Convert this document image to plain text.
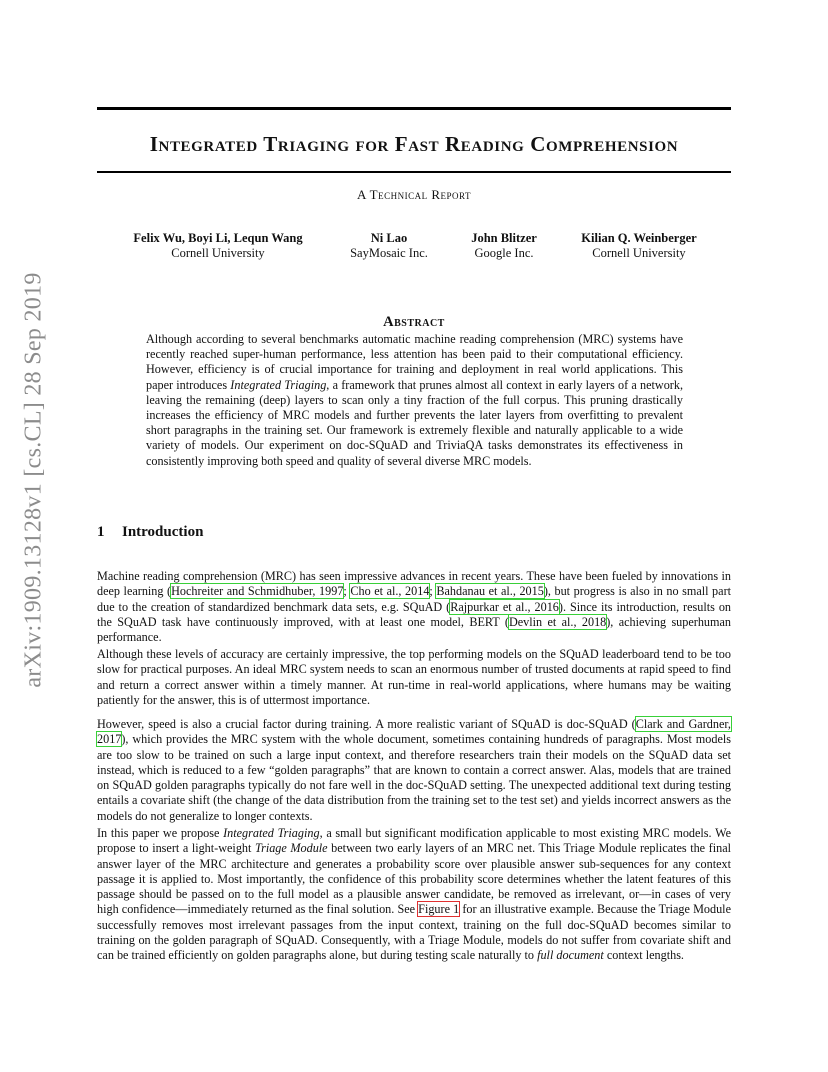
Integrated Triaging for Fast Reading Comprehension
A Technical Report
Felix Wu, Boyi Li, Lequn Wang
Cornell University
Ni Lao
SayMosaic Inc.
John Blitzer
Google Inc.
Kilian Q. Weinberger
Cornell University
arXiv:1909.13128v1 [cs.CL] 28 Sep 2019	Abstract

Although according to several benchmarks automatic machine reading comprehension (MRC) systems have recently reached super-human performance, less attention has been paid to their computational efficiency. However, efficiency is of crucial importance for training and deployment in real world applications. This paper introduces Integrated Triaging, a framework that prunes almost all context in early layers of a network, leaving the remaining (deep) layers to scan only a tiny fraction of the full corpus. This pruning drastically increases the efficiency of MRC models and further prevents the later layers from overfitting to prevalent short paragraphs in the training set. Our framework is extremely flexible and naturally applicable to a wide variety of models. Our experiment on doc-SQuAD and TriviaQA tasks demonstrates its effectiveness in consistently improving both speed and quality of several diverse MRC models.

1 Introduction

Machine reading comprehension (MRC) has seen impressive advances in recent years. These have been fueled by innovations in deep learning (Hochreiter and Schmidhuber, 1997; Cho et al., 2014; Bahdanau et al., 2015), but progress is also in no small part due to the creation of standardized benchmark data sets, e.g. SQuAD (Rajpurkar et al., 2016). Since its introduction, results on the SQuAD task have continuously improved, with at least one model, BERT (Devlin et al., 2018), achieving superhuman performance.

Although these levels of accuracy are certainly impressive, the top performing models on the SQuAD leaderboard tend to be too slow for practical purposes. An ideal MRC system needs to scan an enormous number of trusted documents at rapid speed to find and return a correct answer within a timely manner. At run-time in real-world applications, where humans may be waiting patiently for the answer, this is of uttermost importance.

However, speed is also a crucial factor during training. A more realistic variant of SQuAD is doc-SQuAD (Clark and Gardner, 2017), which provides the MRC system with the whole document, sometimes containing hundreds of paragraphs. Most models are too slow to be trained on such a large input context, and therefore researchers train their models on the SQuAD data set instead, which is reduced to a few “golden paragraphs” that are known to contain a correct answer. Alas, models that are trained on SQuAD golden paragraphs typically do not fare well in the doc-SQuAD setting. The unexpected additional text during testing entails a covariate shift (the change of the data distribution from the training set to the test set) and yields incorrect answers as the models do not generalize to longer contexts.

In this paper we propose Integrated Triaging, a small but significant modification applicable to most existing MRC models. We propose to insert a light-weight Triage Module between two early layers of an MRC net. This Triage Module replicates the final answer layer of the MRC architecture and generates a probability score over plausible answer sub-sequences for any context passage it is applied to. Most importantly, the confidence of this probability score determines whether the latent features of this passage should be passed on to the full model as a plausible answer candidate, be removed as irrelevant, or—in cases of very high confidence—immediately returned as the final solution. See Figure 1 for an illustrative example. Because the Triage Module successfully removes most irrelevant passages from the input context, training on the full doc-SQuAD becomes similar to training on the golden paragraph of SQuAD. Consequently, with a Triage Module, models do not suffer from covariate shift and can be trained efficiently on golden paragraphs alone, but during testing scale naturally to full document context lengths.
